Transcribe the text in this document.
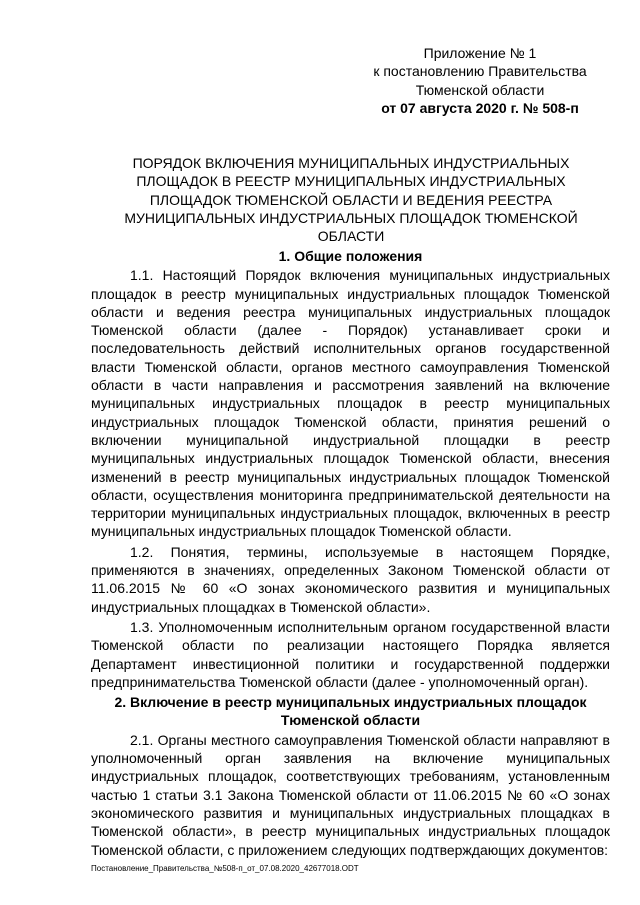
Приложение № 1
к постановлению Правительства
Тюменской области
от 07 августа 2020 г. № 508-п
ПОРЯДОК ВКЛЮЧЕНИЯ МУНИЦИПАЛЬНЫХ ИНДУСТРИАЛЬНЫХ ПЛОЩАДОК В РЕЕСТР МУНИЦИПАЛЬНЫХ ИНДУСТРИАЛЬНЫХ ПЛОЩАДОК ТЮМЕНСКОЙ ОБЛАСТИ И ВЕДЕНИЯ РЕЕСТРА МУНИЦИПАЛЬНЫХ ИНДУСТРИАЛЬНЫХ ПЛОЩАДОК ТЮМЕНСКОЙ ОБЛАСТИ
1. Общие положения

1.1. Настоящий Порядок включения муниципальных индустриальных площадок в реестр муниципальных индустриальных площадок Тюменской области и ведения реестра муниципальных индустриальных площадок Тюменской области (далее - Порядок) устанавливает сроки и последовательность действий исполнительных органов государственной власти Тюменской области, органов местного самоуправления Тюменской области в части направления и рассмотрения заявлений на включение муниципальных индустриальных площадок в реестр муниципальных индустриальных площадок Тюменской области, принятия решений о включении муниципальной индустриальной площадки в реестр муниципальных индустриальных площадок Тюменской области, внесения изменений в реестр муниципальных индустриальных площадок Тюменской области, осуществления мониторинга предпринимательской деятельности на территории муниципальных индустриальных площадок, включенных в реестр муниципальных индустриальных площадок Тюменской области.

1.2. Понятия, термины, используемые в настоящем Порядке, применяются в значениях, определенных Законом Тюменской области от 11.06.2015 № 60 «О зонах экономического развития и муниципальных индустриальных площадках в Тюменской области».

1.3. Уполномоченным исполнительным органом государственной власти Тюменской области по реализации настоящего Порядка является Департамент инвестиционной политики и государственной поддержки предпринимательства Тюменской области (далее - уполномоченный орган).

2. Включение в реестр муниципальных индустриальных площадок Тюменской области

2.1. Органы местного самоуправления Тюменской области направляют в уполномоченный орган заявления на включение муниципальных индустриальных площадок, соответствующих требованиям, установленным частью 1 статьи 3.1 Закона Тюменской области от 11.06.2015 № 60 «О зонах экономического развития и муниципальных индустриальных площадках в Тюменской области», в реестр муниципальных индустриальных площадок Тюменской области, с приложением следующих подтверждающих документов:

Постановление_Правительства_№508-п_от_07.08.2020_42677018.ODT
